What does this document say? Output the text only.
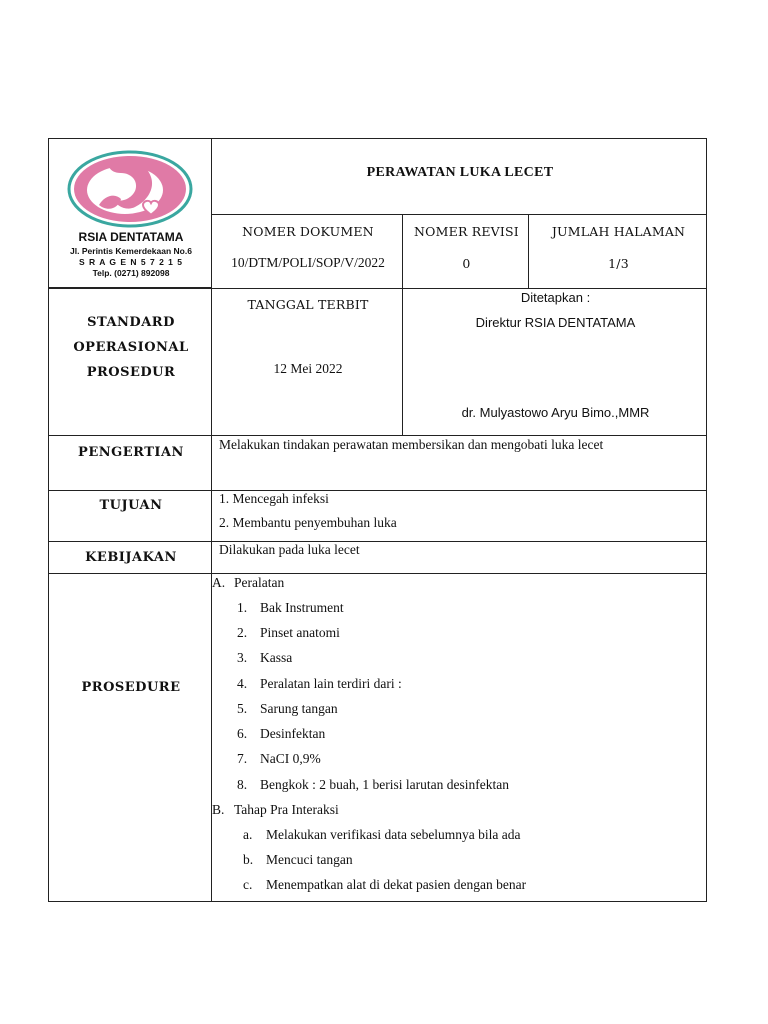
RSIA DENTATAMA
Jl. Perintis Kemerdekaan No.6
S R A G E N 5 7 2 1 5
Telp. (0271) 892098
PERAWATAN LUKA LECET
NOMER DOKUMEN
10/DTM/POLI/SOP/V/2022
NOMER REVISI
0
JUMLAH HALAMAN
1/3
STANDARD
OPERASIONAL
PROSEDUR
TANGGAL TERBIT
12 Mei 2022
Ditetapkan :
Direktur RSIA DENTATAMA
dr. Mulyastowo Aryu Bimo.,MMR
PENGERTIAN
Melakukan tindakan perawatan membersikan dan mengobati luka lecet
TUJUAN	1. Mencegah infeksi
2. Membantu penyembuhan luka
KEBIJAKAN
Dilakukan pada luka lecet
PROSEDURE
A. Peralatan
1. Bak Instrument
2. Pinset anatomi
3. Kassa
4. Peralatan lain terdiri dari :
5. Sarung tangan
6. Desinfektan
7. NaCI 0,9%
8. Bengkok : 2 buah, 1 berisi larutan desinfektan
B. Tahap Pra Interaksi
a. Melakukan verifikasi data sebelumnya bila ada
b. Mencuci tangan
c. Menempatkan alat di dekat pasien dengan benar
